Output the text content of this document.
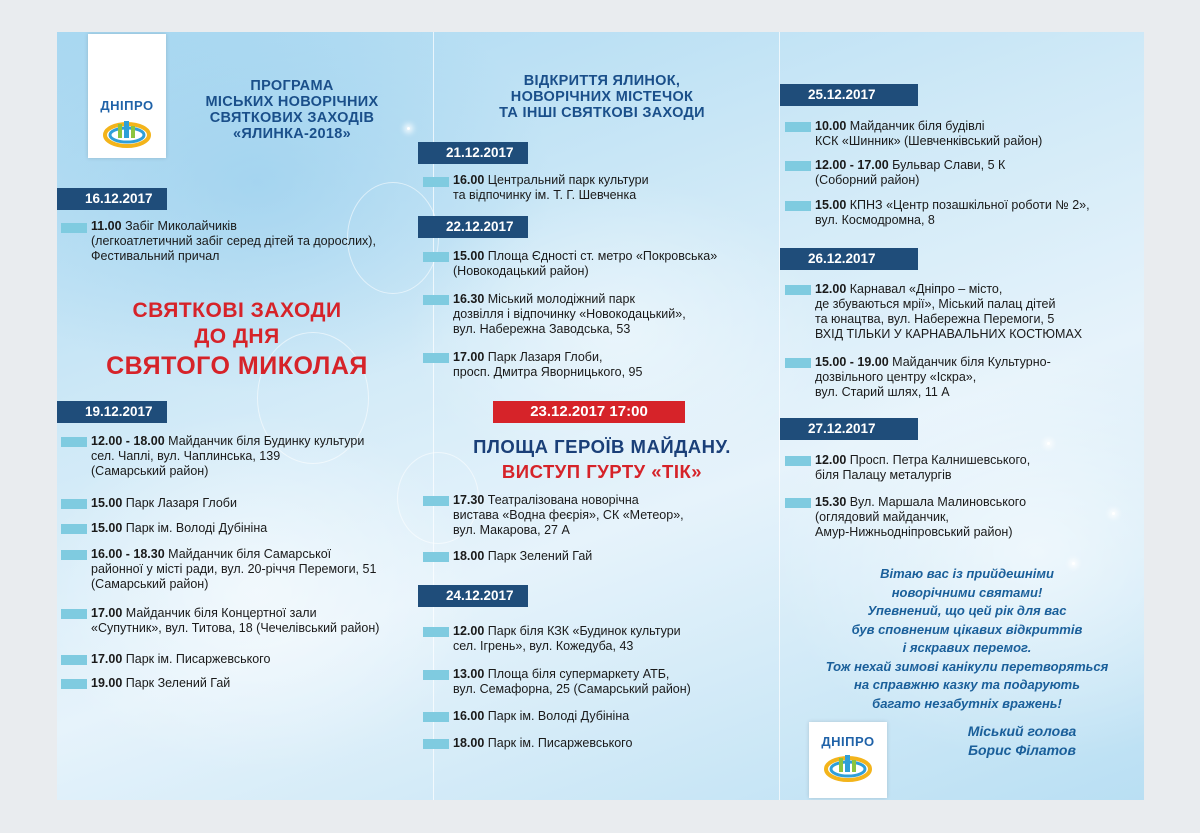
ДНІПРО
ПРОГРАМА
МІСЬКИХ НОВОРІЧНИХ
СВЯТКОВИХ ЗАХОДІВ
«ЯЛИНКА-2018»
16.12.2017
11.00 Забіг Миколайчиків
(легкоатлетичний забіг серед дітей та дорослих),
Фестивальний причал
СВЯТКОВІ ЗАХОДИ
ДО ДНЯ
СВЯТОГО МИКОЛАЯ
19.12.2017
12.00 - 18.00 Майданчик біля Будинку культури
сел. Чаплі, вул. Чаплинська, 139
(Самарський район)
15.00 Парк Лазаря Глоби
15.00 Парк ім. Володі Дубініна
16.00 - 18.30 Майданчик біля Самарської
районної у місті ради, вул. 20-річчя Перемоги, 51
(Самарський район)
17.00 Майданчик біля Концертної зали
«Супутник», вул. Титова, 18 (Чечелівський район)
17.00 Парк ім. Писаржевського
19.00 Парк Зелений Гай
ВІДКРИТТЯ ЯЛИНОК,
НОВОРІЧНИХ МІСТЕЧОК
ТА ІНШІ СВЯТКОВІ ЗАХОДИ
21.12.2017
16.00 Центральний парк культури
та відпочинку ім. Т. Г. Шевченка
22.12.2017
15.00 Площа Єдності ст. метро «Покровська»
(Новокодацький район)
16.30 Міський молодіжний парк
дозвілля і відпочинку «Новокодацький»,
вул. Набережна Заводська, 53
17.00 Парк Лазаря Глоби,
просп. Дмитра Яворницького, 95
23.12.2017 17:00
ПЛОЩА ГЕРОЇВ МАЙДАНУ.
ВИСТУП ГУРТУ «ТІК»
17.30 Театралізована новорічна
вистава «Водна феєрія», СК «Метеор»,
вул. Макарова, 27 А
18.00 Парк Зелений Гай
24.12.2017
12.00 Парк біля КЗК «Будинок культури
сел. Ігрень», вул. Кожедуба, 43
13.00 Площа біля супермаркету АТБ,
вул. Семафорна, 25 (Самарський район)
16.00 Парк ім. Володі Дубініна
18.00 Парк ім. Писаржевського
25.12.2017
10.00 Майданчик біля будівлі
КСК «Шинник» (Шевченківський район)
12.00 - 17.00 Бульвар Слави, 5 К
(Соборний район)
15.00 КПНЗ «Центр позашкільної роботи № 2»,
вул. Космодромна, 8
26.12.2017
12.00 Карнавал «Дніпро – місто,
де збуваються мрії», Міський палац дітей
та юнацтва, вул. Набережна Перемоги, 5
ВХІД ТІЛЬКИ У КАРНАВАЛЬНИХ КОСТЮМАХ
15.00 - 19.00 Майданчик біля Культурно-
дозвільного центру «Іскра»,
вул. Старий шлях, 11 А
27.12.2017
12.00 Просп. Петра Калнишевського,
біля Палацу металургів
15.30 Вул. Маршала Малиновського
(оглядовий майданчик,
Амур-Нижньодніпровський район)
Вітаю вас із прийдешніми
новорічними святами!
Упевнений, що цей рік для вас
був сповненим цікавих відкриттів
і яскравих перемог.
Тож нехай зимові канікули перетворяться
на справжню казку та подарують
багато незабутніх вражень!
ДНІПРО
Міський голова
Борис Філатов
